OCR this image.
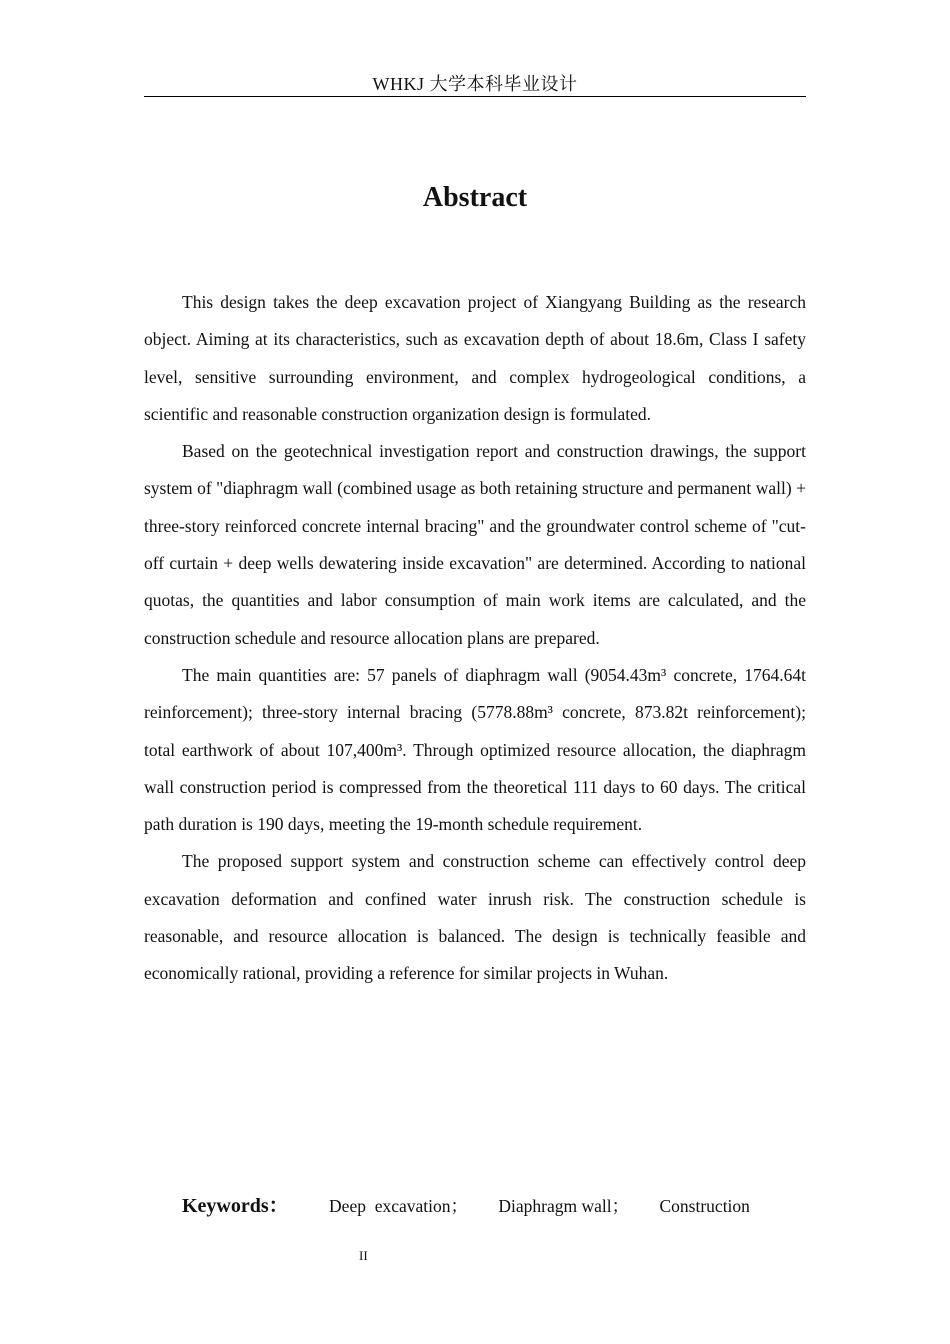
WHKJ 大学本科毕业设计
Abstract

This design takes the deep excavation project of Xiangyang Building as the research object. Aiming at its characteristics, such as excavation depth of about 18.6m, Class I safety level, sensitive surrounding environment, and complex hydrogeological conditions, a scientific and reasonable construction organization design is formulated.

Based on the geotechnical investigation report and construction drawings, the support system of "diaphragm wall (combined usage as both retaining structure and permanent wall) + three-story reinforced concrete internal bracing" and the groundwater control scheme of "cut-off curtain + deep wells dewatering inside excavation" are determined. According to national quotas, the quantities and labor consumption of main work items are calculated, and the construction schedule and resource allocation plans are prepared.

The main quantities are: 57 panels of diaphragm wall (9054.43m³ concrete, 1764.64t reinforcement); three-story internal bracing (5778.88m³ concrete, 873.82t reinforcement); total earthwork of about 107,400m³. Through optimized resource allocation, the diaphragm wall construction period is compressed from the theoretical 111 days to 60 days. The critical path duration is 190 days, meeting the 19-month schedule requirement.

The proposed support system and construction scheme can effectively control deep excavation deformation and confined water inrush risk. The construction schedule is reasonable, and resource allocation is balanced. The design is technically feasible and economically rational, providing a reference for similar projects in Wuhan.

Keywords： Deep  excavation； Diaphragm wall； Construction
II
